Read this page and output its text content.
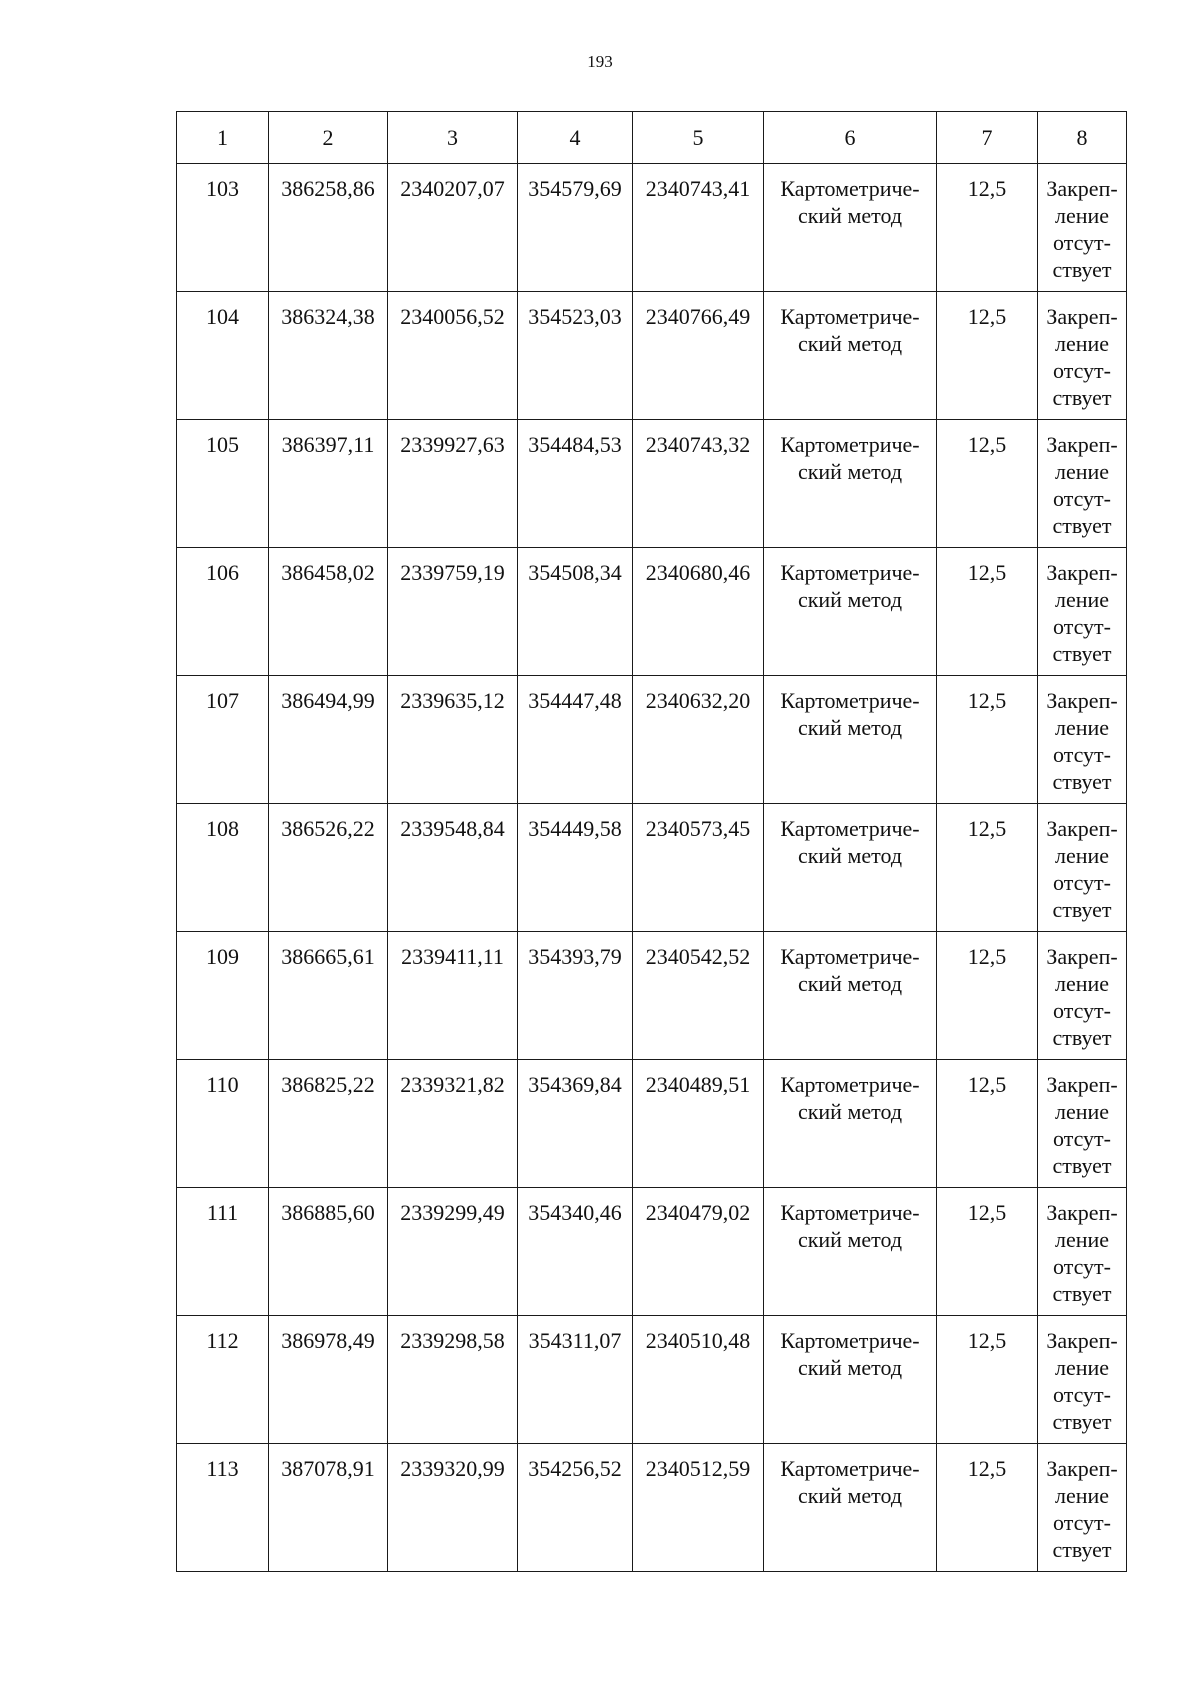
193
1	2	3	4	5	6	7	8
103	386258,86	2340207,07	354579,69	2340743,41	Картометриче-
ский метод	12,5	Закреп-
ление
отсут-
ствует
104	386324,38	2340056,52	354523,03	2340766,49	Картометриче-
ский метод	12,5	Закреп-
ление
отсут-
ствует
105	386397,11	2339927,63	354484,53	2340743,32	Картометриче-
ский метод	12,5	Закреп-
ление
отсут-
ствует
106	386458,02	2339759,19	354508,34	2340680,46	Картометриче-
ский метод	12,5	Закреп-
ление
отсут-
ствует
107	386494,99	2339635,12	354447,48	2340632,20	Картометриче-
ский метод	12,5	Закреп-
ление
отсут-
ствует
108	386526,22	2339548,84	354449,58	2340573,45	Картометриче-
ский метод	12,5	Закреп-
ление
отсут-
ствует
109	386665,61	2339411,11	354393,79	2340542,52	Картометриче-
ский метод	12,5	Закреп-
ление
отсут-
ствует
110	386825,22	2339321,82	354369,84	2340489,51	Картометриче-
ский метод	12,5	Закреп-
ление
отсут-
ствует
111	386885,60	2339299,49	354340,46	2340479,02	Картометриче-
ский метод	12,5	Закреп-
ление
отсут-
ствует
112	386978,49	2339298,58	354311,07	2340510,48	Картометриче-
ский метод	12,5	Закреп-
ление
отсут-
ствует
113	387078,91	2339320,99	354256,52	2340512,59	Картометриче-
ский метод	12,5	Закреп-
ление
отсут-
ствует
